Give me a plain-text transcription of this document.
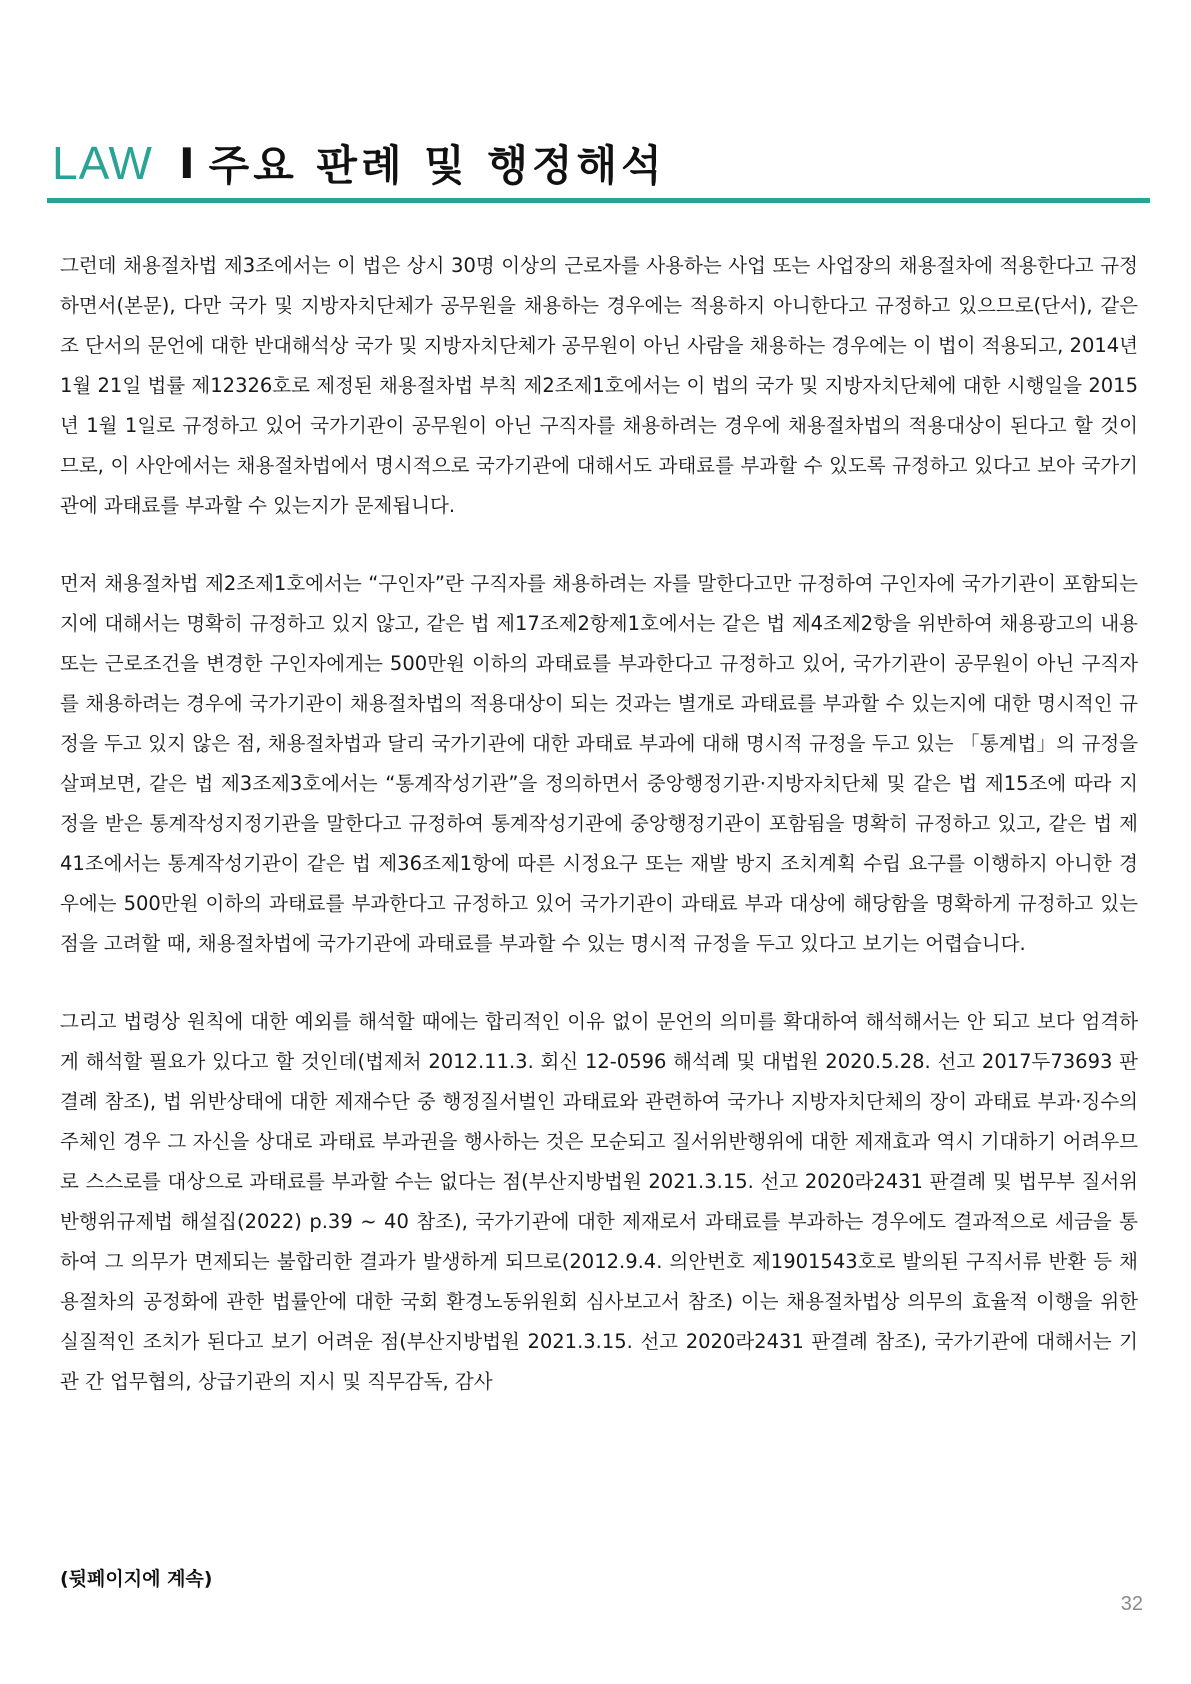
LAW I 주요 판례 및 행정해석

그런데 채용절차법 제3조에서는 이 법은 상시 30명 이상의 근로자를 사용하는 사업 또는 사업장의 채용절차에 적용한다고 규정하면서(본문), 다만 국가 및 지방자치단체가 공무원을 채용하는 경우에는 적용하지 아니한다고 규정하고 있으므로(단서), 같은 조 단서의 문언에 대한 반대해석상 국가 및 지방자치단체가 공무원이 아닌 사람을 채용하는 경우에는 이 법이 적용되고, 2014년 1월 21일 법률 제12326호로 제정된 채용절차법 부칙 제2조제1호에서는 이 법의 국가 및 지방자치단체에 대한 시행일을 2015년 1월 1일로 규정하고 있어 국가기관이 공무원이 아닌 구직자를 채용하려는 경우에 채용절차법의 적용대상이 된다고 할 것이므로, 이 사안에서는 채용절차법에서 명시적으로 국가기관에 대해서도 과태료를 부과할 수 있도록 규정하고 있다고 보아 국가기관에 과태료를 부과할 수 있는지가 문제됩니다.

먼저 채용절차법 제2조제1호에서는 “구인자”란 구직자를 채용하려는 자를 말한다고만 규정하여 구인자에 국가기관이 포함되는지에 대해서는 명확히 규정하고 있지 않고, 같은 법 제17조제2항제1호에서는 같은 법 제4조제2항을 위반하여 채용광고의 내용 또는 근로조건을 변경한 구인자에게는 500만원 이하의 과태료를 부과한다고 규정하고 있어, 국가기관이 공무원이 아닌 구직자를 채용하려는 경우에 국가기관이 채용절차법의 적용대상이 되는 것과는 별개로 과태료를 부과할 수 있는지에 대한 명시적인 규정을 두고 있지 않은 점, 채용절차법과 달리 국가기관에 대한 과태료 부과에 대해 명시적 규정을 두고 있는 「통계법」의 규정을 살펴보면, 같은 법 제3조제3호에서는 “통계작성기관”을 정의하면서 중앙행정기관·지방자치단체 및 같은 법 제15조에 따라 지정을 받은 통계작성지정기관을 말한다고 규정하여 통계작성기관에 중앙행정기관이 포함됨을 명확히 규정하고 있고, 같은 법 제41조에서는 통계작성기관이 같은 법 제36조제1항에 따른 시정요구 또는 재발 방지 조치계획 수립 요구를 이행하지 아니한 경우에는 500만원 이하의 과태료를 부과한다고 규정하고 있어 국가기관이 과태료 부과 대상에 해당함을 명확하게 규정하고 있는 점을 고려할 때, 채용절차법에 국가기관에 과태료를 부과할 수 있는 명시적 규정을 두고 있다고 보기는 어렵습니다.

그리고 법령상 원칙에 대한 예외를 해석할 때에는 합리적인 이유 없이 문언의 의미를 확대하여 해석해서는 안 되고 보다 엄격하게 해석할 필요가 있다고 할 것인데(법제처 2012.11.3. 회신 12-0596 해석례 및 대법원 2020.5.28. 선고 2017두73693 판결례 참조), 법 위반상태에 대한 제재수단 중 행정질서벌인 과태료와 관련하여 국가나 지방자치단체의 장이 과태료 부과·징수의 주체인 경우 그 자신을 상대로 과태료 부과권을 행사하는 것은 모순되고 질서위반행위에 대한 제재효과 역시 기대하기 어려우므로 스스로를 대상으로 과태료를 부과할 수는 없다는 점(부산지방법원 2021.3.15. 선고 2020라2431 판결례 및 법무부 질서위반행위규제법 해설집(2022) p.39 ~ 40 참조), 국가기관에 대한 제재로서 과태료를 부과하는 경우에도 결과적으로 세금을 통하여 그 의무가 면제되는 불합리한 결과가 발생하게 되므로(2012.9.4. 의안번호 제1901543호로 발의된 구직서류 반환 등 채용절차의 공정화에 관한 법률안에 대한 국회 환경노동위원회 심사보고서 참조) 이는 채용절차법상 의무의 효율적 이행을 위한 실질적인 조치가 된다고 보기 어려운 점(부산지방법원 2021.3.15. 선고 2020라2431 판결례 참조), 국가기관에 대해서는 기관 간 업무협의, 상급기관의 지시 및 직무감독, 감사

(뒷페이지에 계속)
32
